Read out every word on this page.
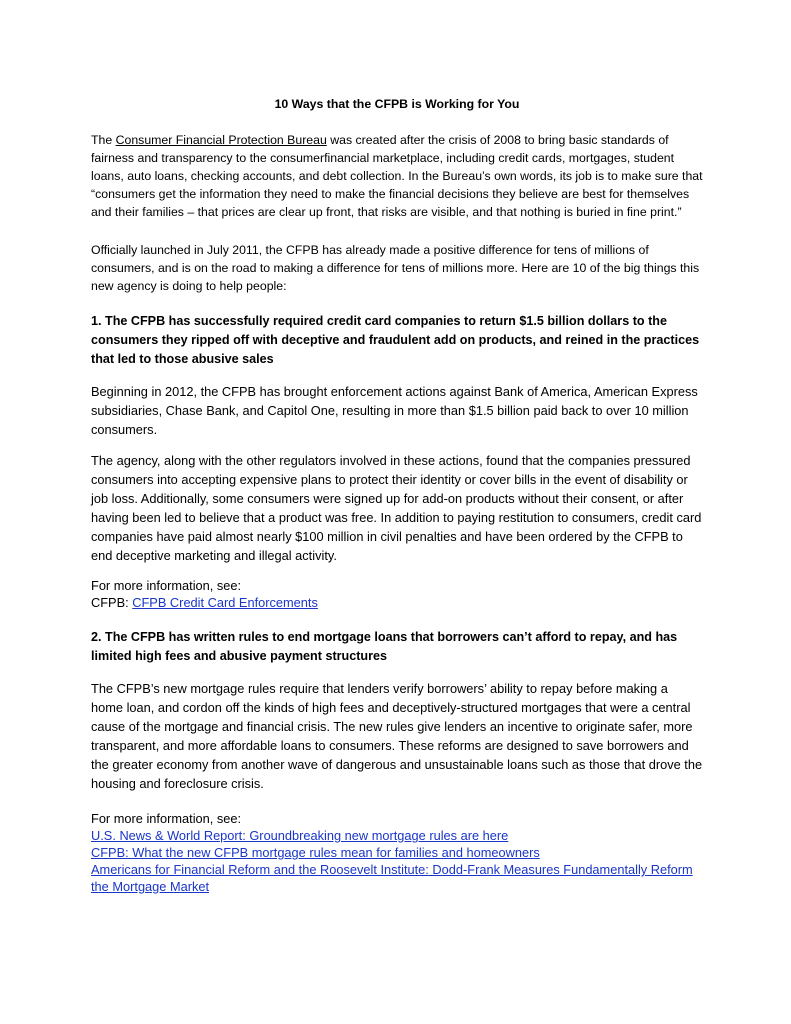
10 Ways that the CFPB is Working for You

The Consumer Financial Protection Bureau was created after the crisis of 2008 to bring basic standards of fairness and transparency to the consumerfinancial marketplace, including credit cards, mortgages, student loans, auto loans, checking accounts, and debt collection. In the Bureau’s own words, its job is to make sure that “consumers get the information they need to make the financial decisions they believe are best for themselves and their families – that prices are clear up front, that risks are visible, and that nothing is buried in fine print.”

Officially launched in July 2011, the CFPB has already made a positive difference for tens of millions of consumers, and is on the road to making a difference for tens of millions more. Here are 10 of the big things this new agency is doing to help people:

1. The CFPB has successfully required credit card companies to return $1.5 billion dollars to the consumers they ripped off with deceptive and fraudulent add on products, and reined in the practices that led to those abusive sales

Beginning in 2012, the CFPB has brought enforcement actions against Bank of America, American Express subsidiaries, Chase Bank, and Capitol One, resulting in more than $1.5 billion paid back to over 10 million consumers.

The agency, along with the other regulators involved in these actions, found that the companies pressured consumers into accepting expensive plans to protect their identity or cover bills in the event of disability or job loss. Additionally, some consumers were signed up for add-on products without their consent, or after having been led to believe that a product was free. In addition to paying restitution to consumers, credit card companies have paid almost nearly $100 million in civil penalties and have been ordered by the CFPB to end deceptive marketing and illegal activity.

For more information, see:
CFPB: CFPB Credit Card Enforcements
2. The CFPB has written rules to end mortgage loans that borrowers can’t afford to repay, and has limited high fees and abusive payment structures

The CFPB’s new mortgage rules require that lenders verify borrowers’ ability to repay before making a home loan, and cordon off the kinds of high fees and deceptively-structured mortgages that were a central cause of the mortgage and financial crisis. The new rules give lenders an incentive to originate safer, more transparent, and more affordable loans to consumers. These reforms are designed to save borrowers and the greater economy from another wave of dangerous and unsustainable loans such as those that drove the housing and foreclosure crisis.

For more information, see:
U.S. News & World Report: Groundbreaking new mortgage rules are here
CFPB: What the new CFPB mortgage rules mean for families and homeowners
Americans for Financial Reform and the Roosevelt Institute: Dodd-Frank Measures Fundamentally Reform the Mortgage Market
